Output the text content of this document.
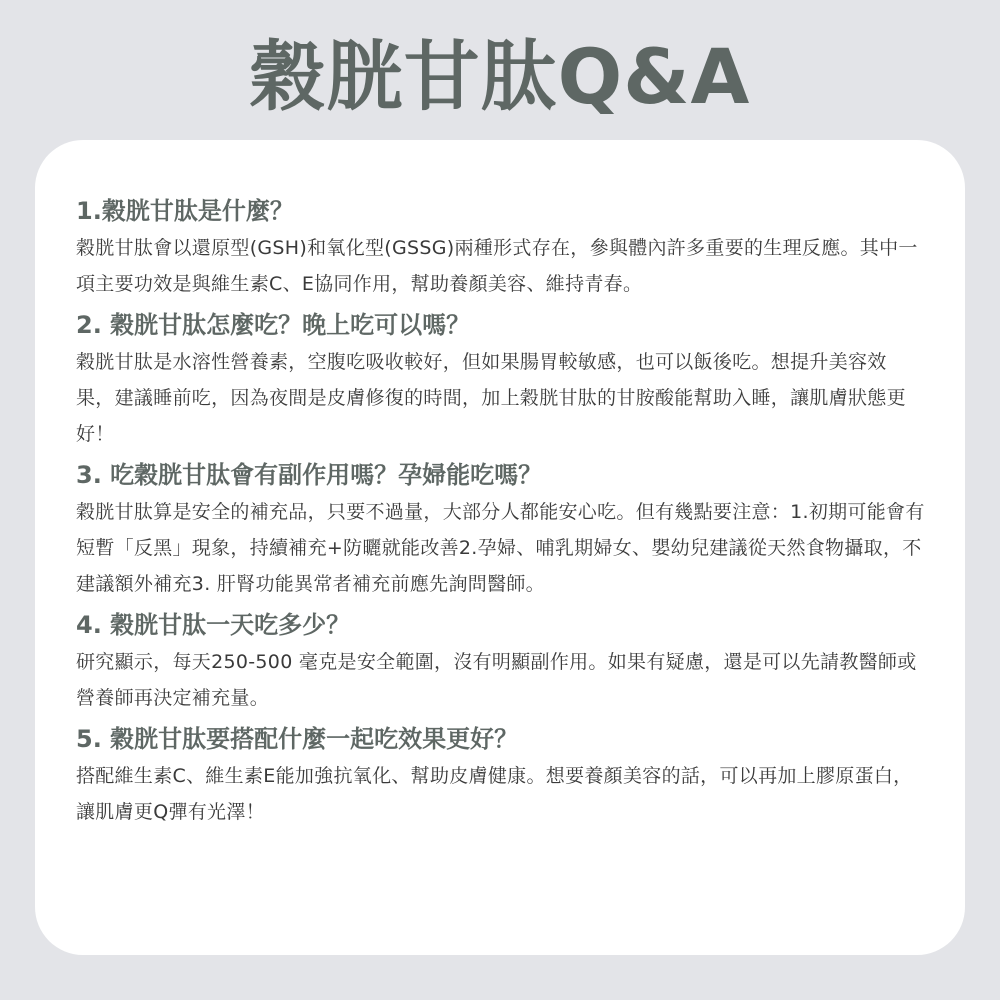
穀胱甘肽Q&A
1.穀胱甘肽是什麼？

穀胱甘肽會以還原型(GSH)和氧化型(GSSG)兩種形式存在，參與體內許多重要的生理反應。其中一項主要功效是與維生素C、E協同作用，幫助養顏美容、維持青春。

2. 穀胱甘肽怎麼吃？晚上吃可以嗎？

穀胱甘肽是水溶性營養素，空腹吃吸收較好，但如果腸胃較敏感，也可以飯後吃。想提升美容效果，建議睡前吃，因為夜間是皮膚修復的時間，加上穀胱甘肽的甘胺酸能幫助入睡，讓肌膚狀態更好！

3. 吃穀胱甘肽會有副作用嗎？孕婦能吃嗎？

穀胱甘肽算是安全的補充品，只要不過量，大部分人都能安心吃。但有幾點要注意：1.初期可能會有短暫「反黑」現象，持續補充+防曬就能改善2.孕婦、哺乳期婦女、嬰幼兒建議從天然食物攝取，不建議額外補充3. 肝腎功能異常者補充前應先詢問醫師。

4. 穀胱甘肽一天吃多少？

研究顯示，每天250-500 毫克是安全範圍，沒有明顯副作用。如果有疑慮，還是可以先請教醫師或營養師再決定補充量。

5. 穀胱甘肽要搭配什麼一起吃效果更好？

搭配維生素C、維生素E能加強抗氧化、幫助皮膚健康。想要養顏美容的話，可以再加上膠原蛋白，讓肌膚更Q彈有光澤！
